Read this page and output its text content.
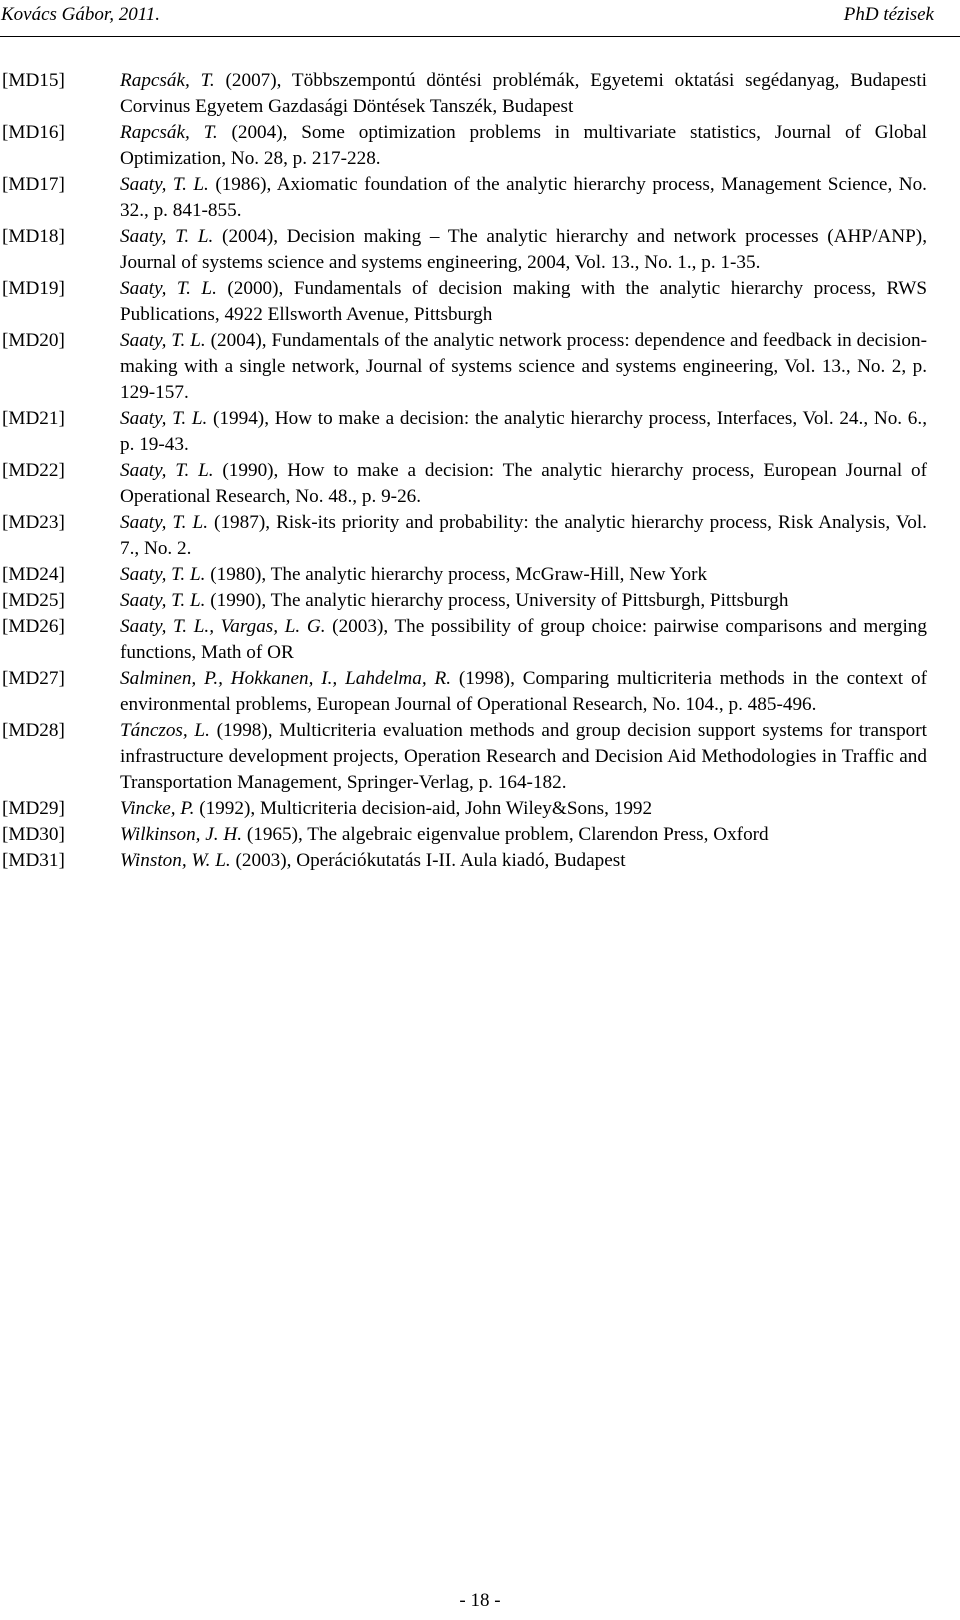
Kovács Gábor, 2011.	PhD tézisek
[MD15]	Rapcsák, T. (2007), Többszempontú döntési problémák, Egyetemi oktatási segédanyag, Budapesti Corvinus Egyetem Gazdasági Döntések Tanszék, Budapest
[MD16]	Rapcsák, T. (2004), Some optimization problems in multivariate statistics, Journal of Global Optimization, No. 28, p. 217-228.
[MD17]	Saaty, T. L. (1986), Axiomatic foundation of the analytic hierarchy process, Management Science, No. 32., p. 841-855.
[MD18]	Saaty, T. L. (2004), Decision making – The analytic hierarchy and network processes (AHP/ANP), Journal of systems science and systems engineering, 2004, Vol. 13., No. 1., p. 1-35.
[MD19]	Saaty, T. L. (2000), Fundamentals of decision making with the analytic hierarchy process, RWS Publications, 4922 Ellsworth Avenue, Pittsburgh
[MD20]	Saaty, T. L. (2004), Fundamentals of the analytic network process: dependence and feedback in decision-making with a single network, Journal of systems science and systems engineering, Vol. 13., No. 2, p. 129-157.
[MD21]	Saaty, T. L. (1994), How to make a decision: the analytic hierarchy process, Interfaces, Vol. 24., No. 6., p. 19-43.
[MD22]	Saaty, T. L. (1990), How to make a decision: The analytic hierarchy process, European Journal of Operational Research, No. 48., p. 9-26.
[MD23]	Saaty, T. L. (1987), Risk-its priority and probability: the analytic hierarchy process, Risk Analysis, Vol. 7., No. 2.
[MD24]	Saaty, T. L. (1980), The analytic hierarchy process, McGraw-Hill, New York
[MD25]	Saaty, T. L. (1990), The analytic hierarchy process, University of Pittsburgh, Pittsburgh
[MD26]	Saaty, T. L., Vargas, L. G. (2003), The possibility of group choice: pairwise comparisons and merging functions, Math of OR
[MD27]	Salminen, P., Hokkanen, I., Lahdelma, R. (1998), Comparing multicriteria methods in the context of environmental problems, European Journal of Operational Research, No. 104., p. 485-496.
[MD28]	Tánczos, L. (1998), Multicriteria evaluation methods and group decision support systems for transport infrastructure development projects, Operation Research and Decision Aid Methodologies in Traffic and Transportation Management, Springer-Verlag, p. 164-182.
[MD29]	Vincke, P. (1992), Multicriteria decision-aid, John Wiley&Sons, 1992
[MD30]	Wilkinson, J. H. (1965), The algebraic eigenvalue problem, Clarendon Press, Oxford
[MD31]	Winston, W. L. (2003), Operációkutatás I-II. Aula kiadó, Budapest
- 18 -
